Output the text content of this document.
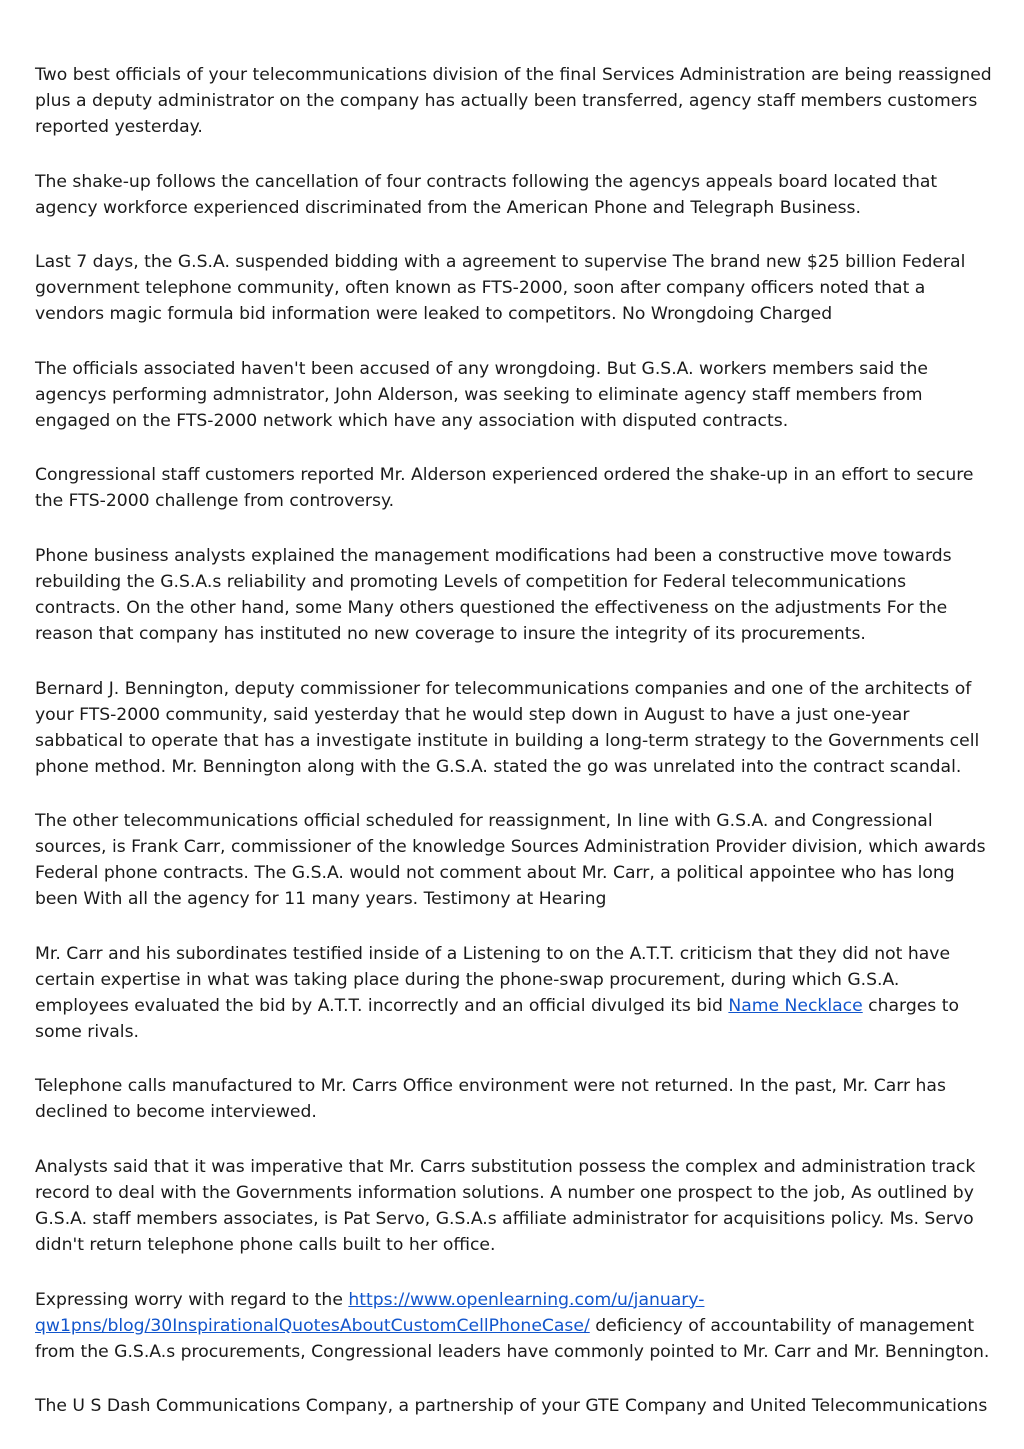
Two best officials of your telecommunications division of the final Services Administration are being reassigned plus a deputy administrator on the company has actually been transferred, agency staff members customers reported yesterday.

The shake-up follows the cancellation of four contracts following the agencys appeals board located that agency workforce experienced discriminated from the American Phone and Telegraph Business.

Last 7 days, the G.S.A. suspended bidding with a agreement to supervise The brand new $25 billion Federal government telephone community, often known as FTS-2000, soon after company officers noted that a vendors magic formula bid information were leaked to competitors. No Wrongdoing Charged

The officials associated haven't been accused of any wrongdoing. But G.S.A. workers members said the agencys performing admnistrator, John Alderson, was seeking to eliminate agency staff members from engaged on the FTS-2000 network which have any association with disputed contracts.

Congressional staff customers reported Mr. Alderson experienced ordered the shake-up in an effort to secure the FTS-2000 challenge from controversy.

Phone business analysts explained the management modifications had been a constructive move towards rebuilding the G.S.A.s reliability and promoting Levels of competition for Federal telecommunications contracts. On the other hand, some Many others questioned the effectiveness on the adjustments For the reason that company has instituted no new coverage to insure the integrity of its procurements.

Bernard J. Bennington, deputy commissioner for telecommunications companies and one of the architects of your FTS-2000 community, said yesterday that he would step down in August to have a just one-year sabbatical to operate that has a investigate institute in building a long-term strategy to the Governments cell phone method. Mr. Bennington along with the G.S.A. stated the go was unrelated into the contract scandal.

The other telecommunications official scheduled for reassignment, In line with G.S.A. and Congressional sources, is Frank Carr, commissioner of the knowledge Sources Administration Provider division, which awards Federal phone contracts. The G.S.A. would not comment about Mr. Carr, a political appointee who has long been With all the agency for 11 many years. Testimony at Hearing

Mr. Carr and his subordinates testified inside of a Listening to on the A.T.T. criticism that they did not have certain expertise in what was taking place during the phone-swap procurement, during which G.S.A. employees evaluated the bid by A.T.T. incorrectly and an official divulged its bid Name Necklace charges to some rivals.

Telephone calls manufactured to Mr. Carrs Office environment were not returned. In the past, Mr. Carr has declined to become interviewed.

Analysts said that it was imperative that Mr. Carrs substitution possess the complex and administration track record to deal with the Governments information solutions. A number one prospect to the job, As outlined by G.S.A. staff members associates, is Pat Servo, G.S.A.s affiliate administrator for acquisitions policy. Ms. Servo didn't return telephone phone calls built to her office.

Expressing worry with regard to the https://www.openlearning.com/u/january-qw1pns/blog/30InspirationalQuotesAboutCustomCellPhoneCase/ deficiency of accountability of management from the G.S.A.s procurements, Congressional leaders have commonly pointed to Mr. Carr and Mr. Bennington.

The U S Dash Communications Company, a partnership of your GTE Company and United Telecommunications
